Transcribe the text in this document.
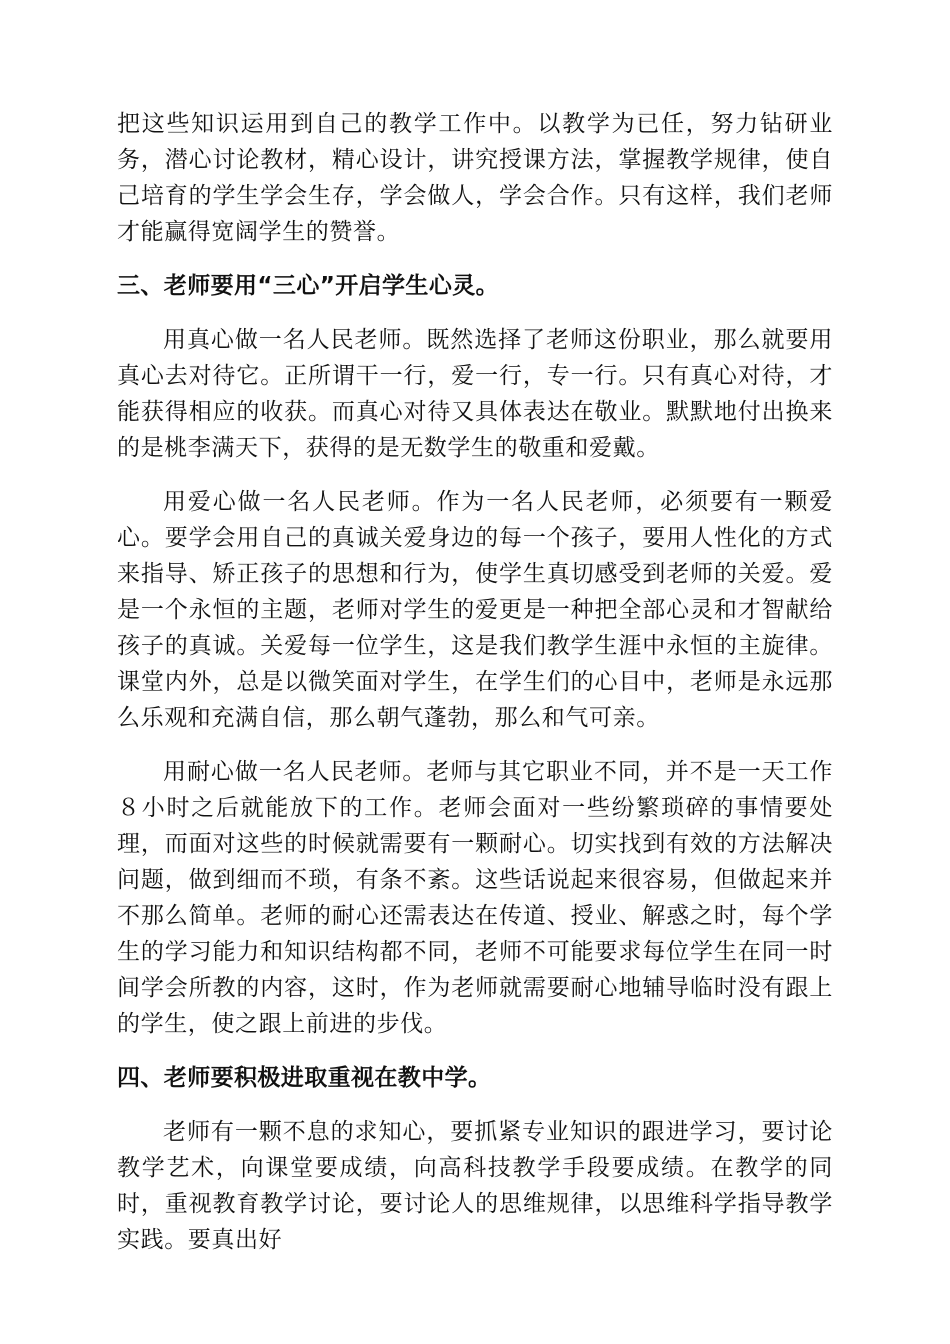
把这些知识运用到自己的教学工作中。以教学为已任，努力钻研业务，潜心讨论教材，精心设计，讲究授课方法，掌握教学规律，使自己培育的学生学会生存，学会做人，学会合作。只有这样，我们老师才能赢得宽阔学生的赞誉。

三、老师要用“三心”开启学生心灵。

用真心做一名人民老师。既然选择了老师这份职业，那么就要用真心去对待它。正所谓干一行，爱一行，专一行。只有真心对待，才能获得相应的收获。而真心对待又具体表达在敬业。默默地付出换来的是桃李满天下，获得的是无数学生的敬重和爱戴。

用爱心做一名人民老师。作为一名人民老师，必须要有一颗爱心。要学会用自己的真诚关爱身边的每一个孩子，要用人性化的方式来指导、矫正孩子的思想和行为，使学生真切感受到老师的关爱。爱是一个永恒的主题，老师对学生的爱更是一种把全部心灵和才智献给孩子的真诚。关爱每一位学生，这是我们教学生涯中永恒的主旋律。课堂内外，总是以微笑面对学生，在学生们的心目中，老师是永远那么乐观和充满自信，那么朝气蓬勃，那么和气可亲。

用耐心做一名人民老师。老师与其它职业不同，并不是一天工作８小时之后就能放下的工作。老师会面对一些纷繁琐碎的事情要处理，而面对这些的时候就需要有一颗耐心。切实找到有效的方法解决问题，做到细而不琐，有条不紊。这些话说起来很容易，但做起来并不那么简单。老师的耐心还需表达在传道、授业、解惑之时，每个学生的学习能力和知识结构都不同，老师不可能要求每位学生在同一时间学会所教的内容，这时，作为老师就需要耐心地辅导临时没有跟上的学生，使之跟上前进的步伐。

四、老师要积极进取重视在教中学。

老师有一颗不息的求知心，要抓紧专业知识的跟进学习，要讨论教学艺术，向课堂要成绩，向高科技教学手段要成绩。在教学的同时，重视教育教学讨论，要讨论人的思维规律，以思维科学指导教学实践。要真出好
